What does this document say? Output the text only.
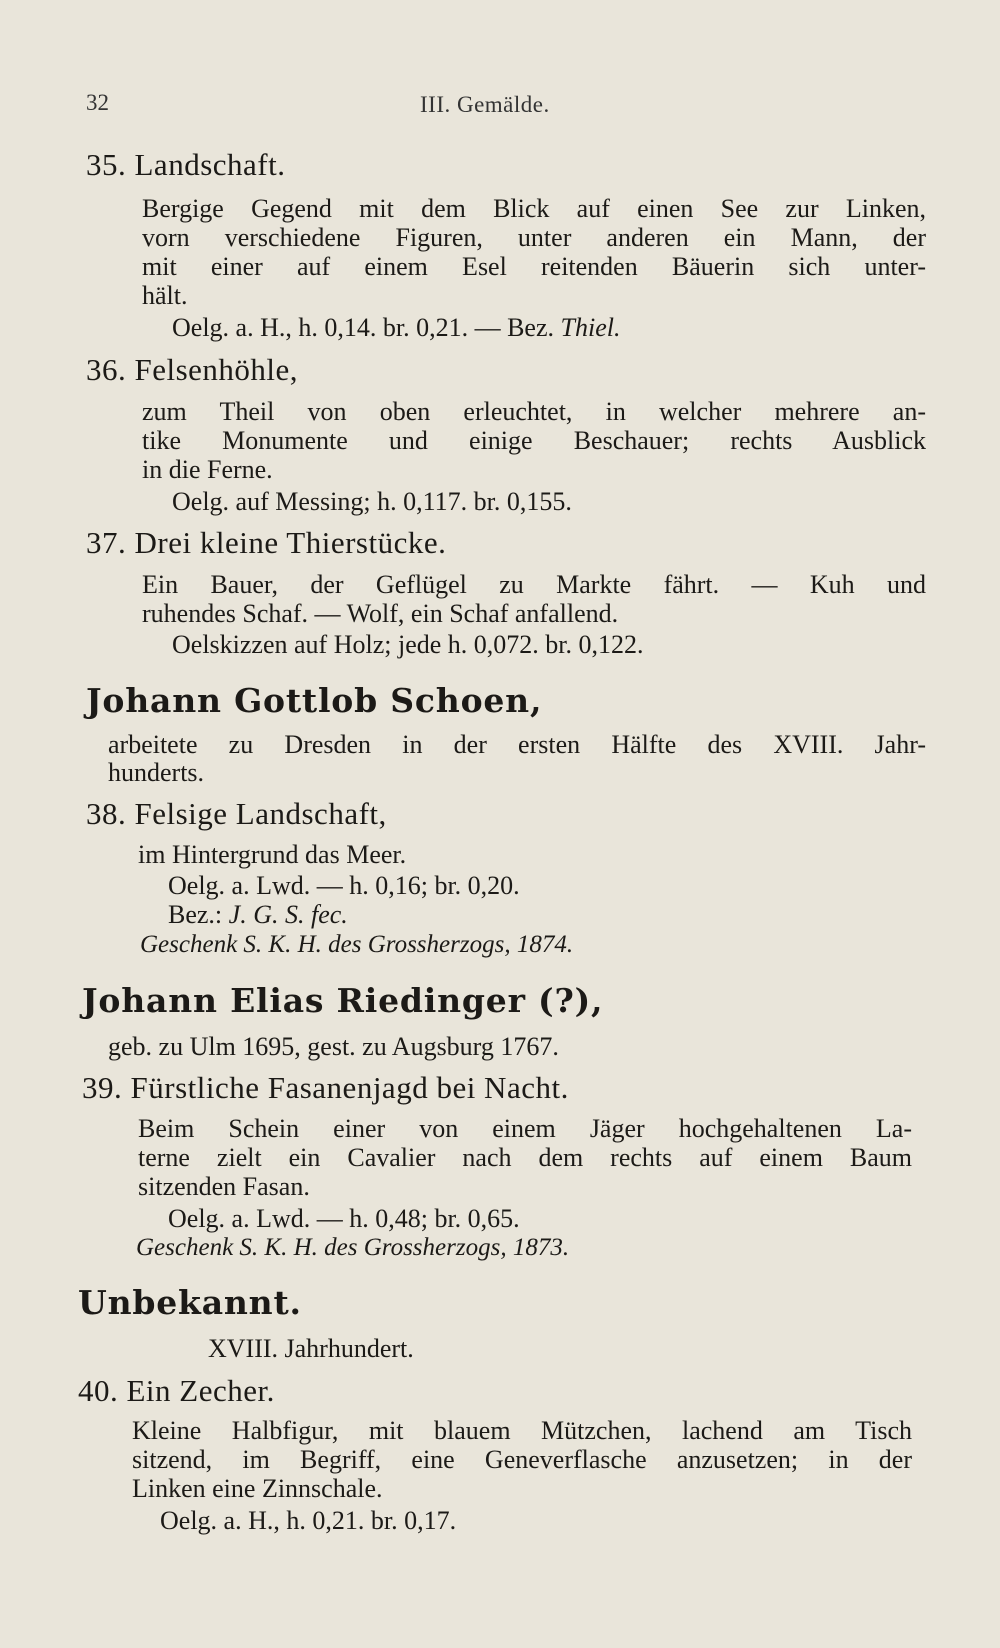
32	III. Gemälde.
35. Landschaft.
Bergige Gegend mit dem Blick auf einen See zur Linken,
vorn verschiedene Figuren, unter anderen ein Mann, der
mit einer auf einem Esel reitenden Bäuerin sich unter-
hält.
Oelg. a. H., h. 0,14. br. 0,21. — Bez. Thiel.
36. Felsenhöhle,
zum Theil von oben erleuchtet, in welcher mehrere an-
tike Monumente und einige Beschauer; rechts Ausblick
in die Ferne.
Oelg. auf Messing; h. 0,117. br. 0,155.
37. Drei kleine Thierstücke.
Ein Bauer, der Geflügel zu Markte fährt. — Kuh und
ruhendes Schaf. — Wolf, ein Schaf anfallend.
Oelskizzen auf Holz; jede h. 0,072. br. 0,122.
Johann Gottlob Schoen,
arbeitete zu Dresden in der ersten Hälfte des XVIII. Jahr-
hunderts.
38. Felsige Landschaft,
im Hintergrund das Meer.
Oelg. a. Lwd. — h. 0,16; br. 0,20.
Bez.: J. G. S. fec.
Geschenk S. K. H. des Grossherzogs, 1874.
Johann Elias Riedinger (?),
geb. zu Ulm 1695, gest. zu Augsburg 1767.
39. Fürstliche Fasanenjagd bei Nacht.
Beim Schein einer von einem Jäger hochgehaltenen La-
terne zielt ein Cavalier nach dem rechts auf einem Baum
sitzenden Fasan.
Oelg. a. Lwd. — h. 0,48; br. 0,65.
Geschenk S. K. H. des Grossherzogs, 1873.
Unbekannt.
XVIII. Jahrhundert.
40. Ein Zecher.
Kleine Halbfigur, mit blauem Mützchen, lachend am Tisch
sitzend, im Begriff, eine Geneverflasche anzusetzen; in der
Linken eine Zinnschale.
Oelg. a. H., h. 0,21. br. 0,17.
